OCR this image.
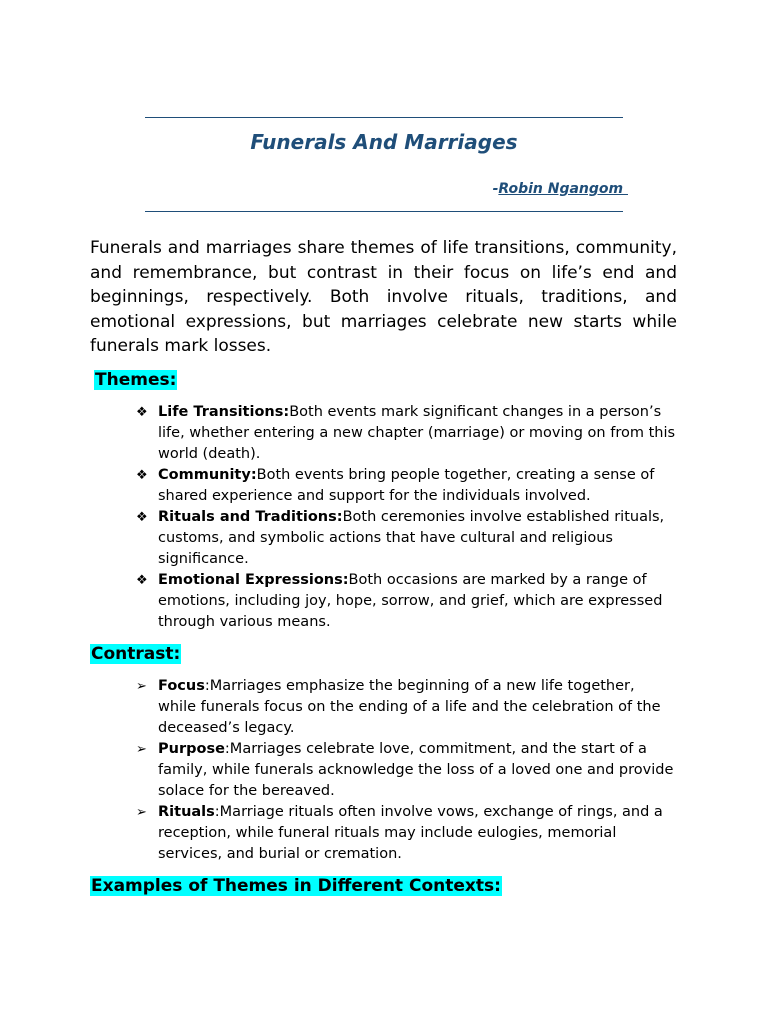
Funerals And Marriages
-Robin Ngangom

Funerals and marriages share themes of life transitions, community, and remembrance, but contrast in their focus on life’s end and beginnings, respectively. Both involve rituals, traditions, and emotional expressions, but marriages celebrate new starts while funerals mark losses.

Themes:
❖ Life Transitions:Both events mark significant changes in a person’s life, whether entering a new chapter (marriage) or moving on from this world (death).
❖ Community:Both events bring people together, creating a sense of shared experience and support for the individuals involved.
❖ Rituals and Traditions:Both ceremonies involve established rituals, customs, and symbolic actions that have cultural and religious significance.
❖ Emotional Expressions:Both occasions are marked by a range of emotions, including joy, hope, sorrow, and grief, which are expressed through various means.
Contrast:
➢ Focus:Marriages emphasize the beginning of a new life together, while funerals focus on the ending of a life and the celebration of the deceased’s legacy.
➢ Purpose:Marriages celebrate love, commitment, and the start of a family, while funerals acknowledge the loss of a loved one and provide solace for the bereaved.
➢ Rituals:Marriage rituals often involve vows, exchange of rings, and a reception, while funeral rituals may include eulogies, memorial services, and burial or cremation.
Examples of Themes in Different Contexts:
